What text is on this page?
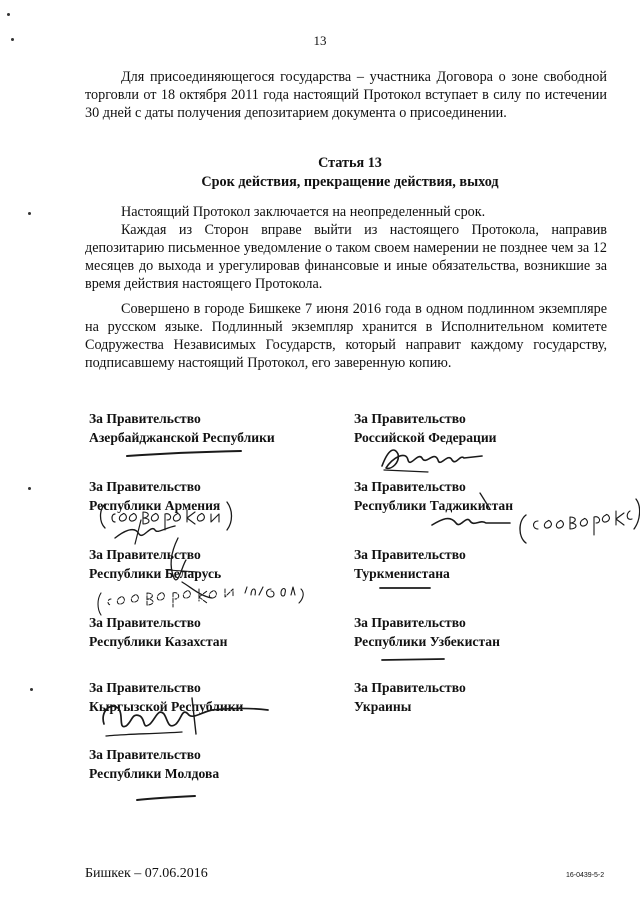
13

Для присоединяющегося государства – участника Договора о зоне свободной торговли от 18 октября 2011 года настоящий Протокол вступает в силу по истечении 30 дней с даты получения депозитарием документа о присоединении.

Статья 13
Срок действия, прекращение действия, выход

Настоящий Протокол заключается на неопределенный срок.

Каждая из Сторон вправе выйти из настоящего Протокола, направив депозитарию письменное уведомление о таком своем намерении не позднее чем за 12 месяцев до выхода и урегулировав финансовые и иные обязательства, возникшие за время действия настоящего Протокола.

Совершено в городе Бишкеке 7 июня 2016 года в одном подлинном экземпляре на русском языке. Подлинный экземпляр хранится в Исполнительном комитете Содружества Независимых Государств, который направит каждому государству, подписавшему настоящий Протокол, его заверенную копию.

За Правительство
Азербайджанской Республики
За Правительство
Республики Армения
За Правительство
Республики Беларусь
За Правительство
Республики Казахстан
За Правительство
Кыргызской Республики
За Правительство
Республики Молдова
За Правительство
Российской Федерации
За Правительство
Республики Таджикистан
За Правительство
Туркменистана
За Правительство
Республики Узбекистан
За Правительство
Украины
Бишкек – 07.06.2016	16-0439-5-2
